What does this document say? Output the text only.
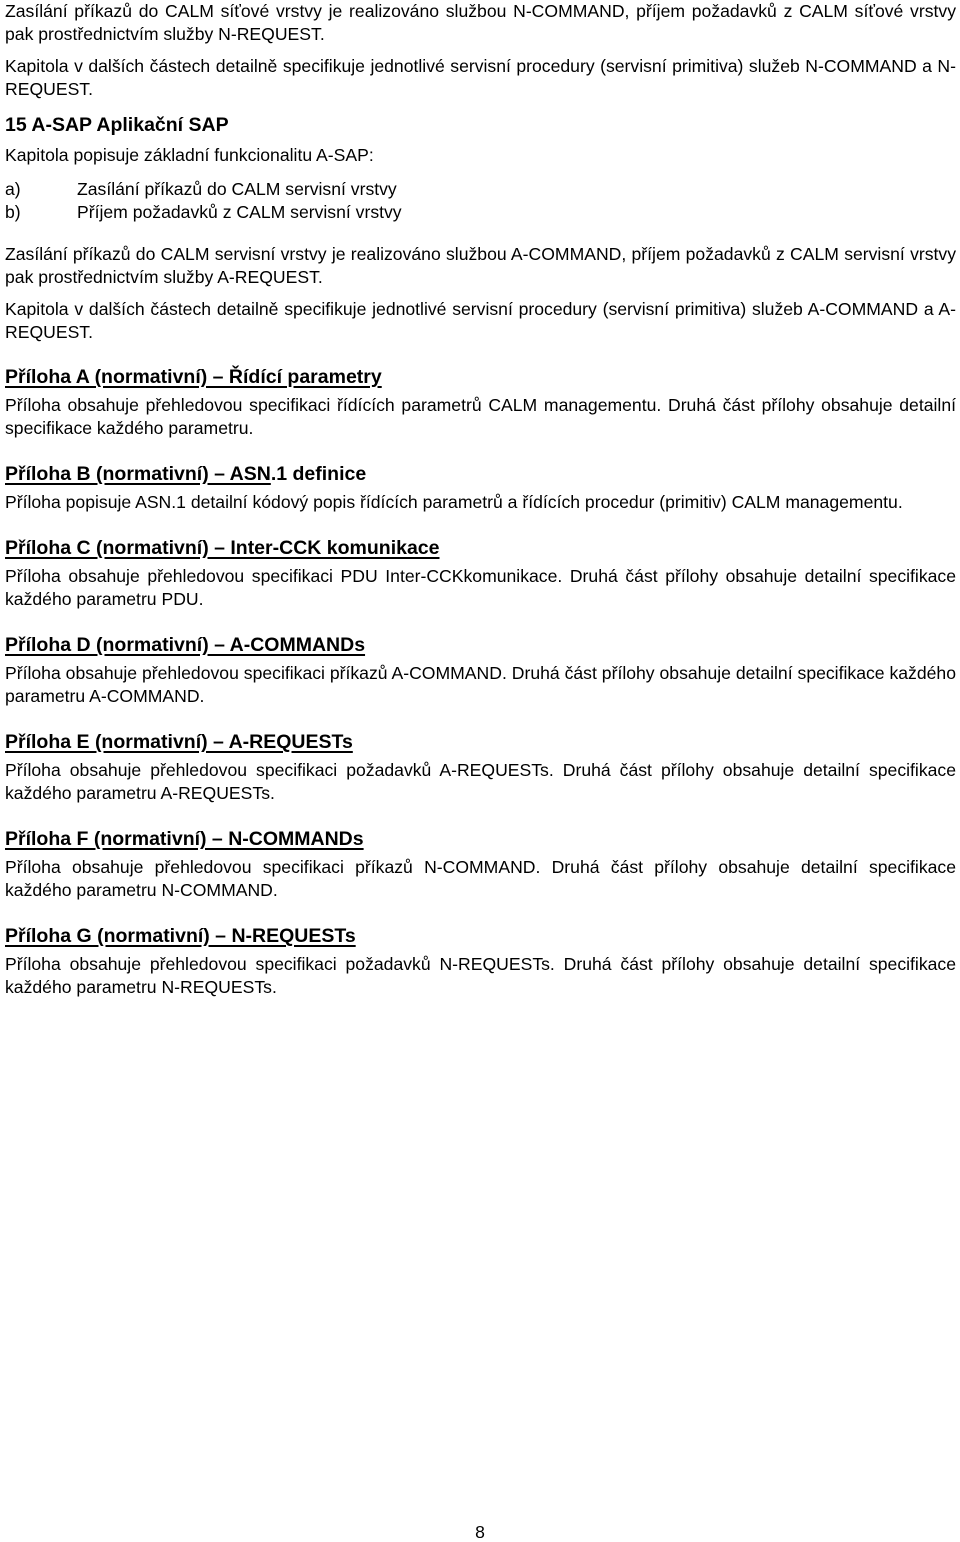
Zasílání příkazů do CALM síťové vrstvy je realizováno službou N-COMMAND, příjem požadavků z CALM síťové vrstvy pak prostřednictvím služby N-REQUEST.

Kapitola v dalších částech detailně specifikuje jednotlivé servisní procedury (servisní primitiva) služeb N-COMMAND a N-REQUEST.

15 A-SAP Aplikační SAP

Kapitola popisuje základní funkcionalitu A-SAP:

a)	Zasílání příkazů do CALM servisní vrstvy
b)	Příjem požadavků z CALM servisní vrstvy

Zasílání příkazů do CALM servisní vrstvy je realizováno službou A-COMMAND, příjem požadavků z CALM servisní vrstvy pak prostřednictvím služby A-REQUEST.

Kapitola v dalších částech detailně specifikuje jednotlivé servisní procedury (servisní primitiva) služeb A-COMMAND a A-REQUEST.

Příloha A (normativní) – Řídící parametry

Příloha obsahuje přehledovou specifikaci řídících parametrů CALM managementu. Druhá část přílohy obsahuje detailní specifikace každého parametru.

Příloha B (normativní) – ASN.1 definice

Příloha popisuje ASN.1 detailní kódový popis řídících parametrů a řídících procedur (primitiv) CALM managementu.

Příloha C (normativní) – Inter-CCK komunikace

Příloha obsahuje přehledovou specifikaci PDU Inter-CCKkomunikace. Druhá část přílohy obsahuje detailní specifikace každého parametru PDU.

Příloha D (normativní) – A-COMMANDs

Příloha obsahuje přehledovou specifikaci příkazů A-COMMAND. Druhá část přílohy obsahuje detailní specifikace každého parametru A-COMMAND.

Příloha E (normativní) – A-REQUESTs

Příloha obsahuje přehledovou specifikaci požadavků A-REQUESTs. Druhá část přílohy obsahuje detailní specifikace každého parametru A-REQUESTs.

Příloha F (normativní) – N-COMMANDs

Příloha obsahuje přehledovou specifikaci příkazů N-COMMAND. Druhá část přílohy obsahuje detailní specifikace každého parametru N-COMMAND.

Příloha G (normativní) – N-REQUESTs

Příloha obsahuje přehledovou specifikaci požadavků N-REQUESTs. Druhá část přílohy obsahuje detailní specifikace každého parametru N-REQUESTs.

8
